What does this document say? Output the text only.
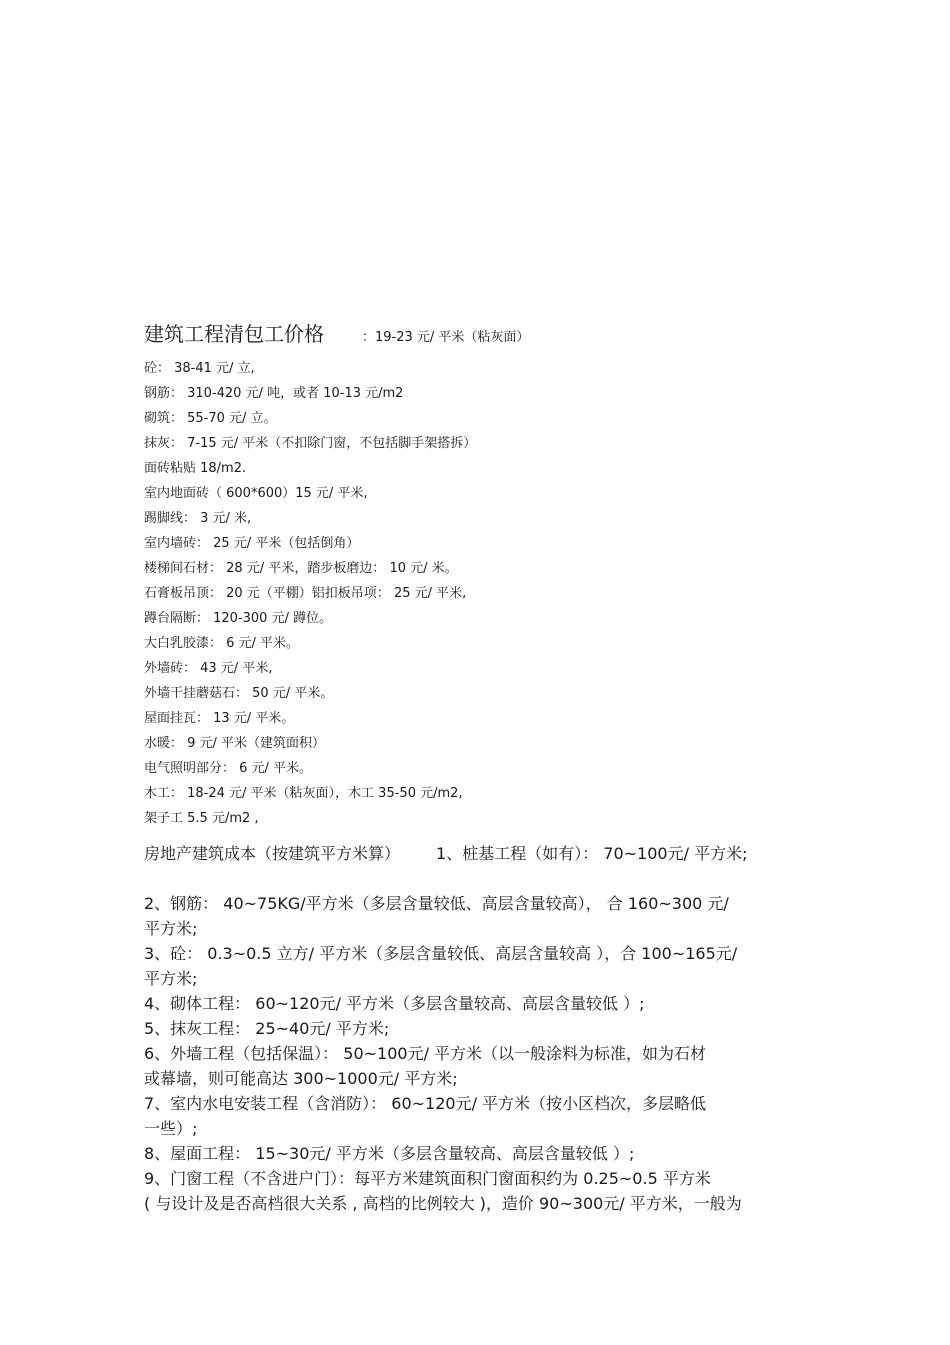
建筑工程清包工价格	：19-23 元/ 平米（粘灰面）

砼： 38-41 元/ 立,

钢筋： 310-420 元/ 吨，或者 10-13 元/m2

砌筑： 55-70 元/ 立。

抹灰： 7-15 元/ 平米（不扣除门窗，不包括脚手架搭拆）

面砖粘贴 18/m2.

室内地面砖（ 600*600）15 元/ 平米,

踢脚线： 3 元/ 米,

室内墙砖： 25 元/ 平米（包括倒角）

楼梯间石材： 28 元/ 平米，踏步板磨边： 10 元/ 米。

石膏板吊顶： 20 元（平棚）铝扣板吊项： 25 元/ 平米,

蹲台隔断： 120-300 元/ 蹲位。

大白乳胶漆： 6 元/ 平米。

外墙砖： 43 元/ 平米,

外墙干挂蘑菇石： 50 元/ 平米。

屋面挂瓦： 13 元/ 平米。

水暖： 9 元/ 平米（建筑面积）

电气照明部分： 6 元/ 平米。

木工： 18-24 元/ 平米（粘灰面），木工 35-50 元/m2,

架子工 5.5 元/m2 ,

房地产建筑成本（按建筑平方米算） 1、桩基工程（如有）： 70~100元/ 平方米;

2、钢筋： 40~75KG/平方米（多层含量较低、高层含量较高）， 合 160~300 元/

平方米;

3、砼： 0.3~0.5 立方/ 平方米（多层含量较低、高层含量较高 ），合 100~165元/

平方米;

4、砌体工程： 60~120元/ 平方米（多层含量较高、高层含量较低 ）;

5、抹灰工程： 25~40元/ 平方米;

6、外墙工程（包括保温）： 50~100元/ 平方米（以一般涂料为标准，如为石材

或幕墙，则可能高达 300~1000元/ 平方米;

7、室内水电安装工程（含消防）： 60~120元/ 平方米（按小区档次，多层略低

一些）;

8、屋面工程： 15~30元/ 平方米（多层含量较高、高层含量较低 ）;

9、门窗工程（不含进户门）：每平方米建筑面积门窗面积约为 0.25~0.5 平方米

( 与设计及是否高档很大关系 , 高档的比例较大 )，造价 90~300元/ 平方米，一般为
